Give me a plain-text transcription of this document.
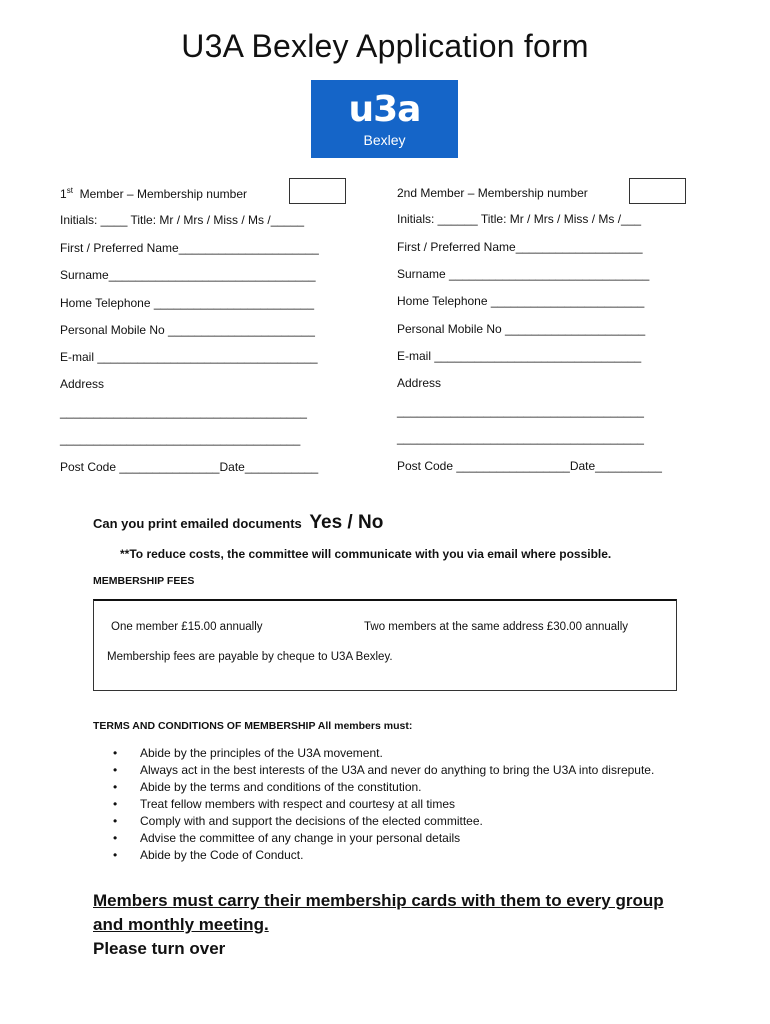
U3A Bexley Application form
u3a
Bexley
1st  Member – Membership number
Initials: ____ Title: Mr / Mrs / Miss / Ms /_____
First / Preferred Name_____________________
Surname_______________________________
Home Telephone ________________________
Personal Mobile No ______________________
E-mail _________________________________
Address
_____________________________________
____________________________________
Post Code _______________Date___________
2nd Member – Membership number
Initials: ______ Title: Mr / Mrs / Miss / Ms /___
First / Preferred Name___________________
Surname ______________________________
Home Telephone _______________________
Personal Mobile No _____________________
E-mail _______________________________
Address
_____________________________________
_____________________________________
Post Code _________________Date__________
Can you print emailed documents Yes / No
**To reduce costs, the committee will communicate with you via email where possible.
MEMBERSHIP FEES
One member £15.00 annually	Two members at the same address £30.00 annually
Membership fees are payable by cheque to U3A Bexley.
TERMS AND CONDITIONS OF MEMBERSHIP All members must:
• Abide by the principles of the U3A movement.
• Always act in the best interests of the U3A and never do anything to bring the U3A into disrepute.
• Abide by the terms and conditions of the constitution.
• Treat fellow members with respect and courtesy at all times
• Comply with and support the decisions of the elected committee.
• Advise the committee of any change in your personal details
• Abide by the Code of Conduct.
Members must carry their membership cards with them to every group and monthly meeting.
Please turn over
